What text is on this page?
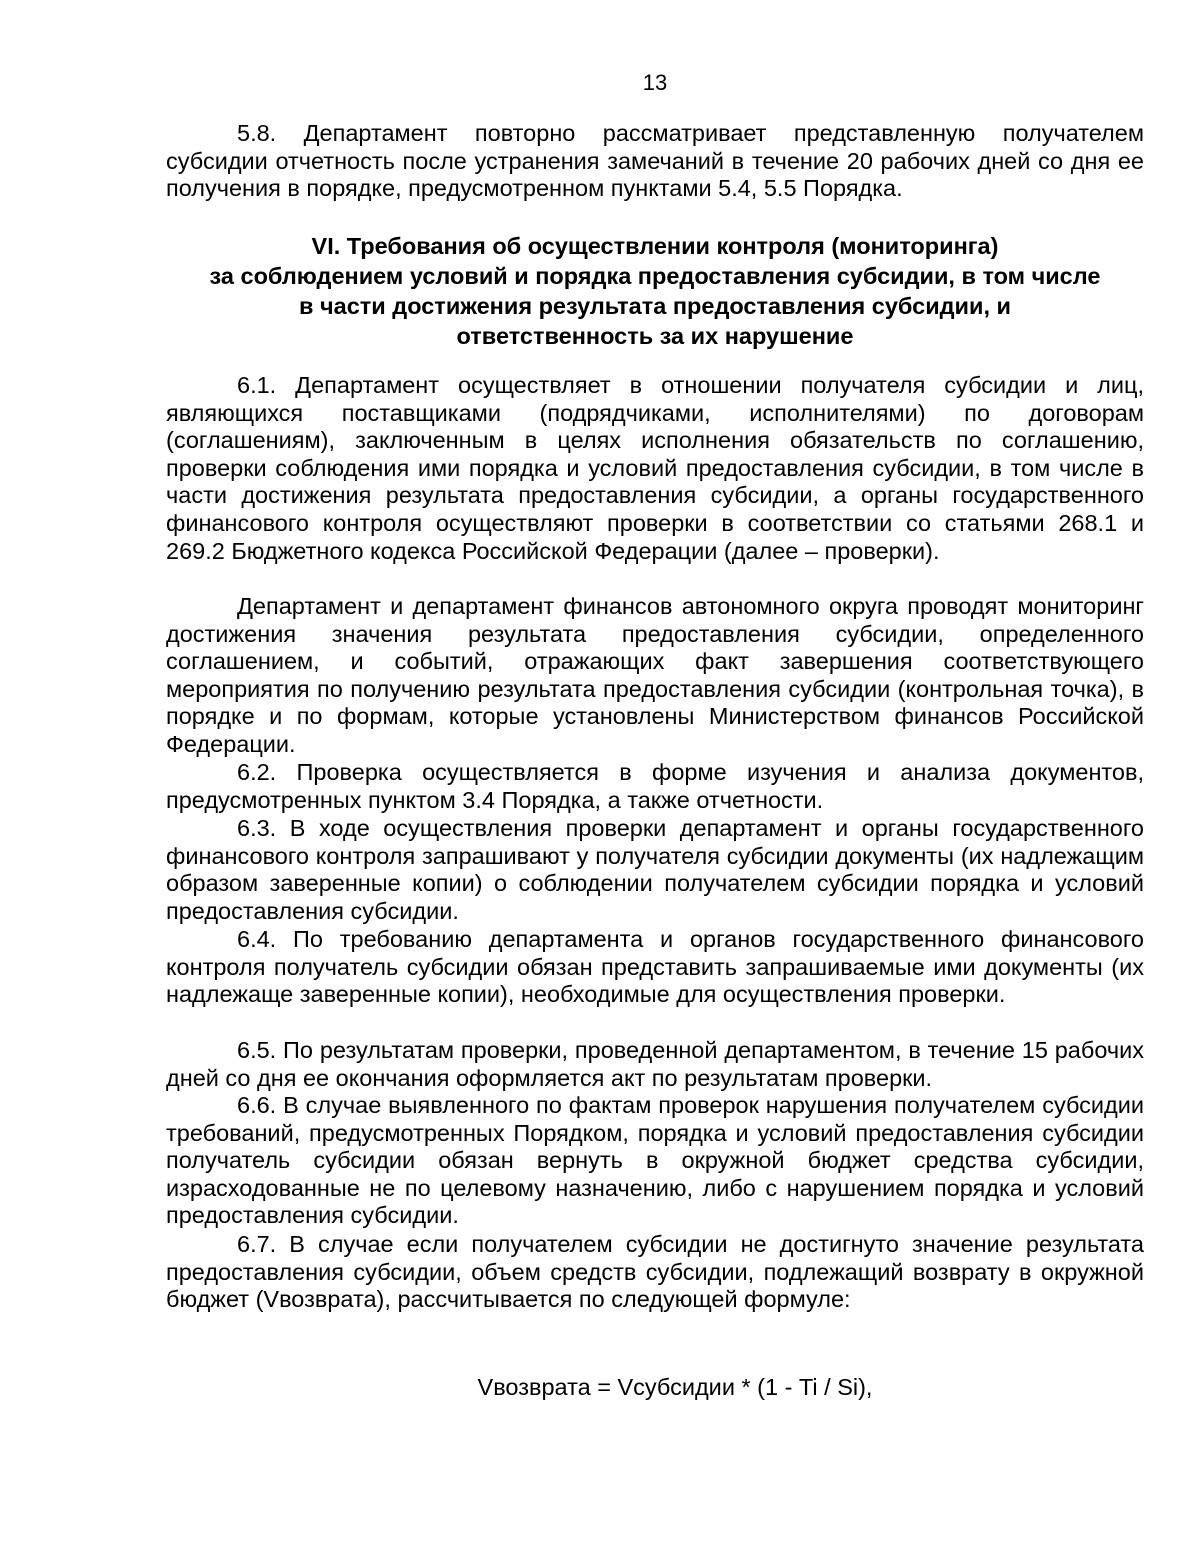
13

5.8. Департамент повторно рассматривает представленную получателем субсидии отчетность после устранения замечаний в течение 20 рабочих дней со дня ее получения в порядке, предусмотренном пунктами 5.4, 5.5 Порядка.

VI. Требования об осуществлении контроля (мониторинга)
за соблюдением условий и порядка предоставления субсидии, в том числе
в части достижения результата предоставления субсидии, и
ответственность за их нарушение

6.1. Департамент осуществляет в отношении получателя субсидии и лиц, являющихся поставщиками (подрядчиками, исполнителями) по договорам (соглашениям), заключенным в целях исполнения обязательств по соглашению, проверки соблюдения ими порядка и условий предоставления субсидии, в том числе в части достижения результата предоставления субсидии, а органы государственного финансового контроля осуществляют проверки в соответствии со статьями 268.1 и 269.2 Бюджетного кодекса Российской Федерации (далее – проверки).

Департамент и департамент финансов автономного округа проводят мониторинг достижения значения результата предоставления субсидии, определенного соглашением, и событий, отражающих факт завершения соответствующего мероприятия по получению результата предоставления субсидии (контрольная точка), в порядке и по формам, которые установлены Министерством финансов Российской Федерации.

6.2. Проверка осуществляется в форме изучения и анализа документов, предусмотренных пунктом 3.4 Порядка, а также отчетности.

6.3. В ходе осуществления проверки департамент и органы государственного финансового контроля запрашивают у получателя субсидии документы (их надлежащим образом заверенные копии) о соблюдении получателем субсидии порядка и условий предоставления субсидии.

6.4. По требованию департамента и органов государственного финансового контроля получатель субсидии обязан представить запрашиваемые ими документы (их надлежаще заверенные копии), необходимые для осуществления проверки.

6.5. По результатам проверки, проведенной департаментом, в течение 15 рабочих дней со дня ее окончания оформляется акт по результатам проверки.

6.6. В случае выявленного по фактам проверок нарушения получателем субсидии требований, предусмотренных Порядком, порядка и условий предоставления субсидии получатель субсидии обязан вернуть в окружной бюджет средства субсидии, израсходованные не по целевому назначению, либо с нарушением порядка и условий предоставления субсидии.

6.7. В случае если получателем субсидии не достигнуто значение результата предоставления субсидии, объем средств субсидии, подлежащий возврату в окружной бюджет (Vвозврата), рассчитывается по следующей формуле:

Vвозврата = Vсубсидии * (1 - Ti / Si),
